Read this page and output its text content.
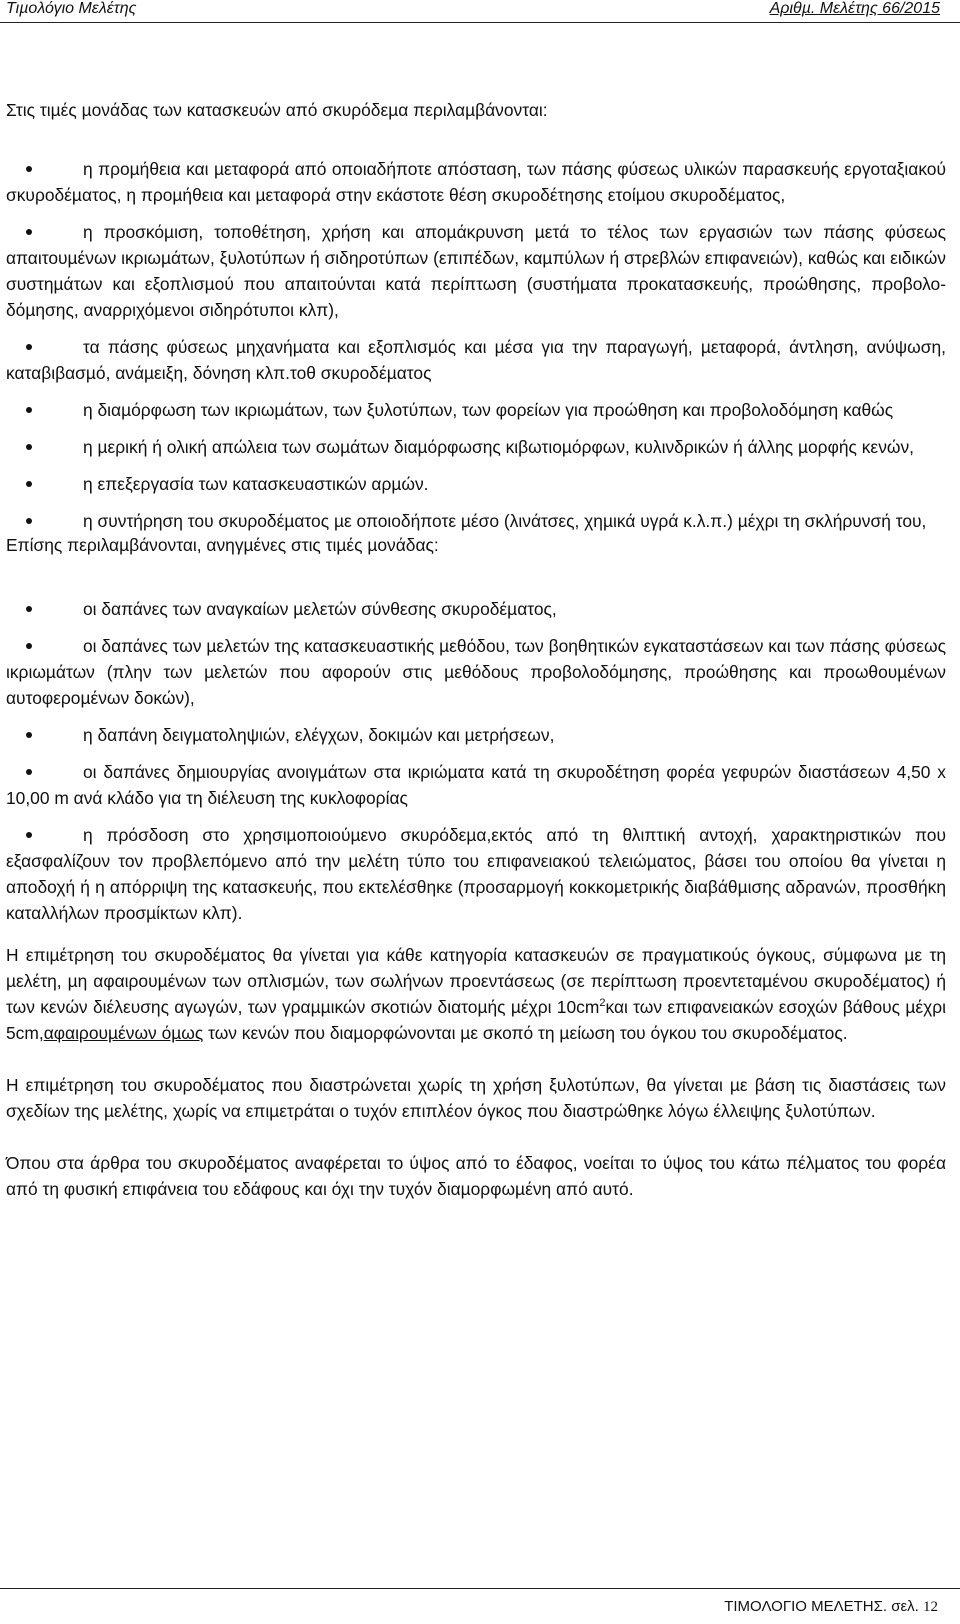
Τιµολόγιο Μελέτης	Αριθµ. Μελέτης 66/2015

Στις τιµές µονάδας των κατασκευών από σκυρόδεµα περιλαµβάνονται:

η προµήθεια και µεταφορά από οποιαδήποτε απόσταση, των πάσης φύσεως υλικών παρασκευής εργοταξιακού σκυροδέµατος, η προµήθεια και µεταφορά στην εκάστοτε θέση σκυροδέτησης ετοίµου σκυροδέµατος,
η προσκόµιση, τοποθέτηση, χρήση και αποµάκρυνση µετά το τέλος των εργασιών των πάσης φύσεως απαιτουµένων ικριωµάτων, ξυλοτύπων ή σιδηροτύπων (επιπέδων, καµπύλων ή στρεβλών επιφανειών), καθώς και ειδικών συστηµάτων και εξοπλισµού που απαιτούνται κατά περίπτωση (συστήµατα προκατασκευής, προώθησης, προβολο-δόµησης, αναρριχόµενοι σιδηρότυποι κλπ),
τα πάσης φύσεως µηχανήµατα και εξοπλισµός και µέσα για την παραγωγή, µεταφορά, άντληση, ανύψωση, καταβιβασµό, ανάµειξη, δόνηση κλπ.τοθ σκυροδέµατος
η διαµόρφωση των ικριωµάτων, των ξυλοτύπων, των φορείων για προώθηση και προβολοδόµηση καθώς
η µερική ή ολική απώλεια των σωµάτων διαµόρφωσης κιβωτιοµόρφων, κυλινδρικών ή άλλης µορφής κενών,
η επεξεργασία των κατασκευαστικών αρµών.
η συντήρηση του σκυροδέµατος µε οποιοδήποτε µέσο (λινάτσες, χηµικά υγρά κ.λ.π.) µέχρι τη σκλήρυνσή του,

Επίσης περιλαµβάνονται, ανηγµένες στις τιµές µονάδας:

οι δαπάνες των αναγκαίων µελετών σύνθεσης σκυροδέµατος,
οι δαπάνες των µελετών της κατασκευαστικής µεθόδου, των βοηθητικών εγκαταστάσεων και των πάσης φύσεως ικριωµάτων (πλην των µελετών που αφορούν στις µεθόδους προβολοδόµησης, προώθησης και προωθουµένων αυτοφερoµένων δοκών),
η δαπάνη δειγµατοληψιών, ελέγχων, δοκιµών και µετρήσεων,
οι δαπάνες δηµιουργίας ανοιγµάτων στα ικριώµατα κατά τη σκυροδέτηση φορέα γεφυρών διαστάσεων 4,50 x 10,00 m ανά κλάδο για τη διέλευση της κυκλοφορίας
η πρόσδοση στο χρησιµοποιούµενο σκυρόδεµα,εκτός από τη θλιπτική αντοχή, χαρακτηριστικών που εξασφαλίζουν τον προβλεπόµενο από την µελέτη τύπο του επιφανειακού τελειώµατος, βάσει του οποίου θα γίνεται η αποδοχή ή η απόρριψη της κατασκευής, που εκτελέσθηκε (προσαρµογή κοκκοµετρικής διαβάθµισης αδρανών, προσθήκη καταλλήλων προσµίκτων κλπ).

Η επιµέτρηση του σκυροδέµατος θα γίνεται για κάθε κατηγορία κατασκευών σε πραγµατικούς όγκους, σύµφωνα µε τη µελέτη, µη αφαιρουµένων των οπλισµών, των σωλήνων προεντάσεως (σε περίπτωση προεντεταµένου σκυροδέµατος) ή των κενών διέλευσης αγωγών, των γραµµικών σκοτιών διατοµής µέχρι $10cm^2\kappa\alpha\iota$ των επιφανειακών εσοχών βάθους µέχρι 5cm,αφαιρουµένων όµως των κενών που διαµορφώνονται µε σκοπό τη µείωση του όγκου του σκυροδέµατος.

Η επιµέτρηση του σκυροδέµατος που διαστρώνεται χωρίς τη χρήση ξυλοτύπων, θα γίνεται µε βάση τις διαστάσεις των σχεδίων της µελέτης, χωρίς να επιµετράται ο τυχόν επιπλέον όγκος που διαστρώθηκε λόγω έλλειψης ξυλοτύπων.

Όπου στα άρθρα του σκυροδέµατος αναφέρεται το ύψος από το έδαφος, νοείται το ύψος του κάτω πέλµατος του φορέα από τη φυσική επιφάνεια του εδάφους και όχι την τυχόν διαµορφωµένη από αυτό.

ΤΙΜΟΛΟΓΙΟ ΜΕΛΕΤΗΣ. σελ. 12
